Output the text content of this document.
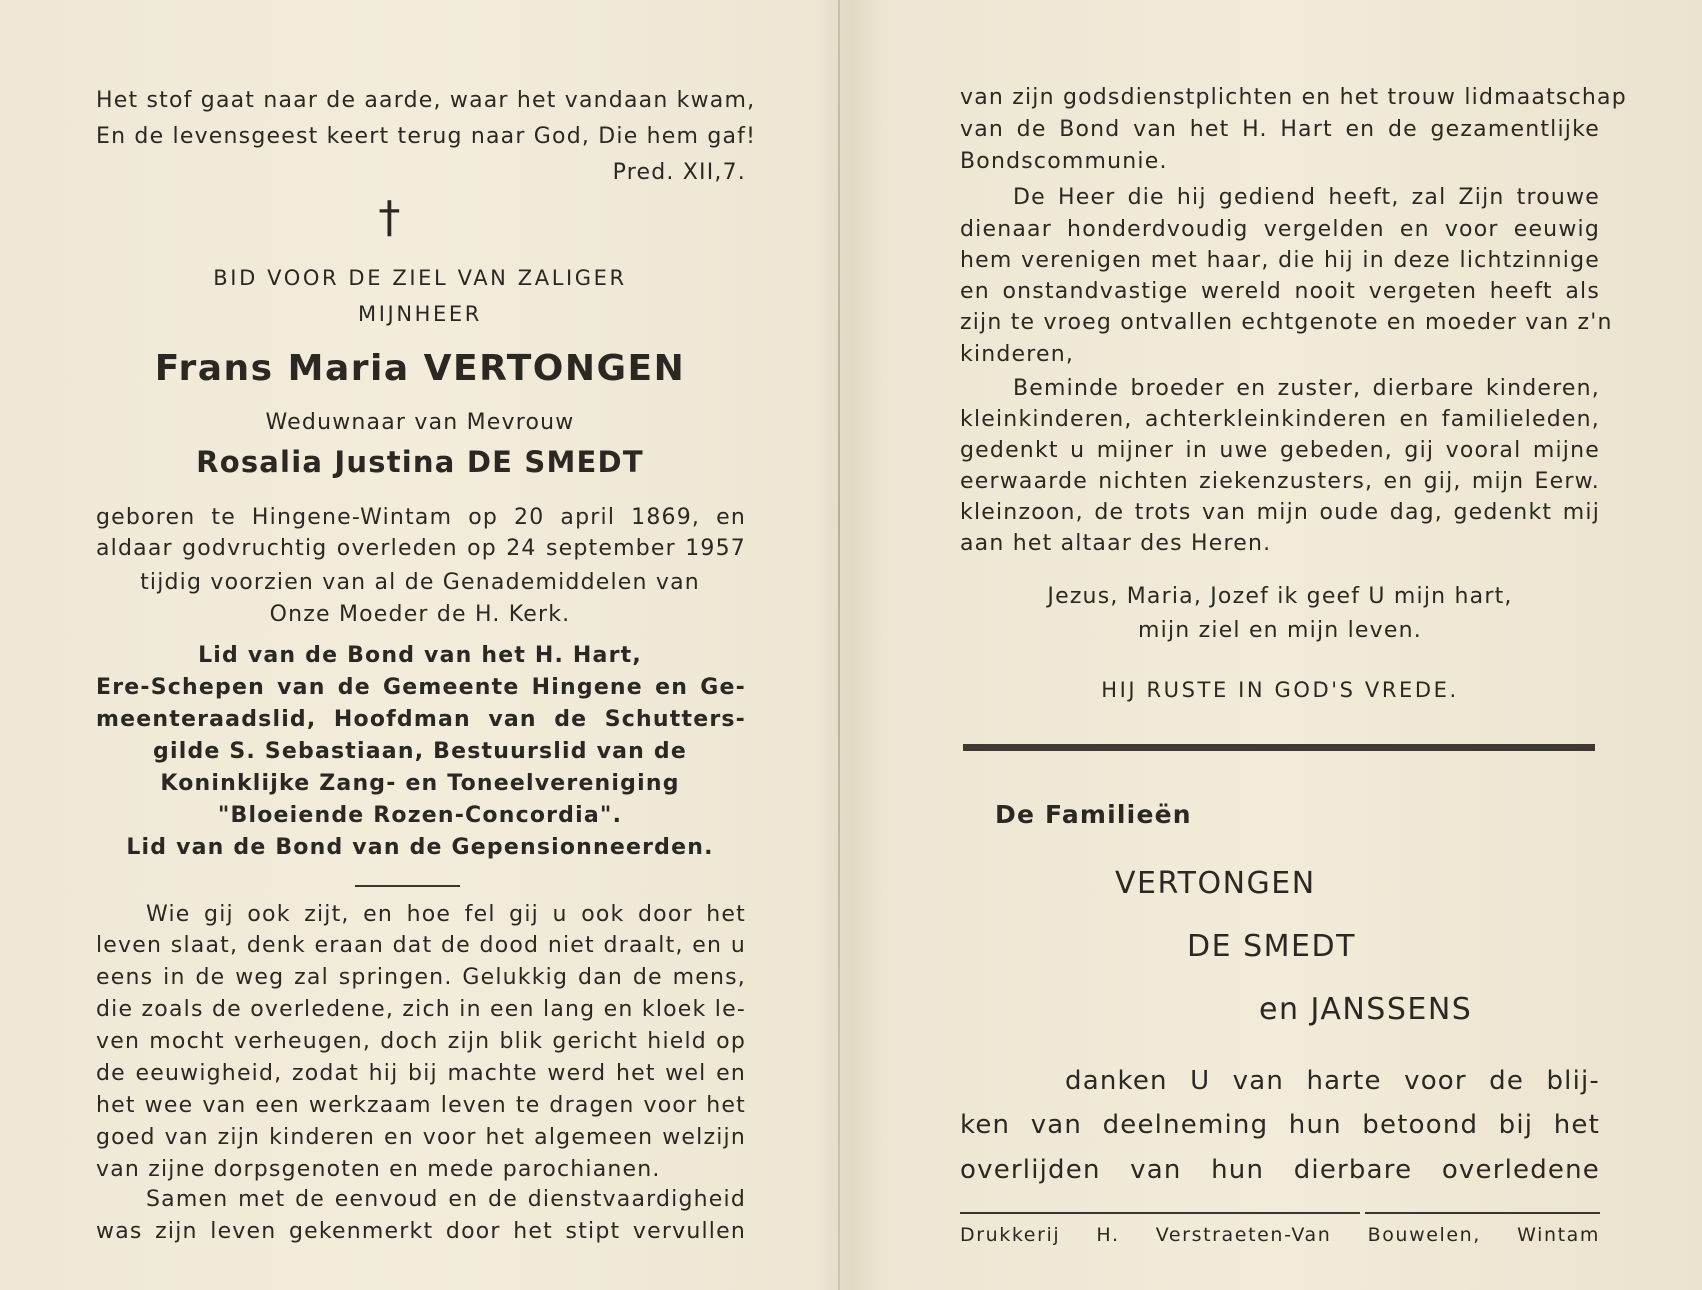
Het stof gaat naar de aarde, waar het vandaan kwam,
En de levensgeest keert terug naar God, Die hem gaf!
Pred. XII,7.
†
BID VOOR DE ZIEL VAN ZALIGER
MIJNHEER
Frans Maria VERTONGEN
Weduwnaar van Mevrouw
Rosalia Justina DE SMEDT
geboren te Hingene-Wintam op 20 april 1869, en
aldaar godvruchtig overleden op 24 september 1957
tijdig voorzien van al de Genademiddelen van
Onze Moeder de H. Kerk.
Lid van de Bond van het H. Hart,
Ere-Schepen van de Gemeente Hingene en Ge-
meenteraadslid, Hoofdman van de Schutters-
gilde S. Sebastiaan, Bestuurslid van de
Koninklijke Zang- en Toneelvereniging
"Bloeiende Rozen-Concordia".
Lid van de Bond van de Gepensionneerden.
Wie gij ook zijt, en hoe fel gij u ook door het
leven slaat, denk eraan dat de dood niet draalt, en u
eens in de weg zal springen. Gelukkig dan de mens,
die zoals de overledene, zich in een lang en kloek le-
ven mocht verheugen, doch zijn blik gericht hield op
de eeuwigheid, zodat hij bij machte werd het wel en
het wee van een werkzaam leven te dragen voor het
goed van zijn kinderen en voor het algemeen welzijn
van zijne dorpsgenoten en mede parochianen.
Samen met de eenvoud en de dienstvaardigheid
was zijn leven gekenmerkt door het stipt vervullen
van zijn godsdienstplichten en het trouw lidmaatschap
van de Bond van het H. Hart en de gezamentlijke
Bondscommunie.
De Heer die hij gediend heeft, zal Zijn trouwe
dienaar honderdvoudig vergelden en voor eeuwig
hem verenigen met haar, die hij in deze lichtzinnige
en onstandvastige wereld nooit vergeten heeft als
zijn te vroeg ontvallen echtgenote en moeder van z'n
kinderen,
Beminde broeder en zuster, dierbare kinderen,
kleinkinderen, achterkleinkinderen en familieleden,
gedenkt u mijner in uwe gebeden, gij vooral mijne
eerwaarde nichten ziekenzusters, en gij, mijn Eerw.
kleinzoon, de trots van mijn oude dag, gedenkt mij
aan het altaar des Heren.
Jezus, Maria, Jozef ik geef U mijn hart,
mijn ziel en mijn leven.
HIJ RUSTE IN GOD'S VREDE.
De Familieën
VERTONGEN
DE SMEDT
en JANSSENS
danken U van harte voor de blij-
ken van deelneming hun betoond bij het
overlijden van hun dierbare overledene
Drukkerij H. Verstraeten-Van Bouwelen, Wintam
